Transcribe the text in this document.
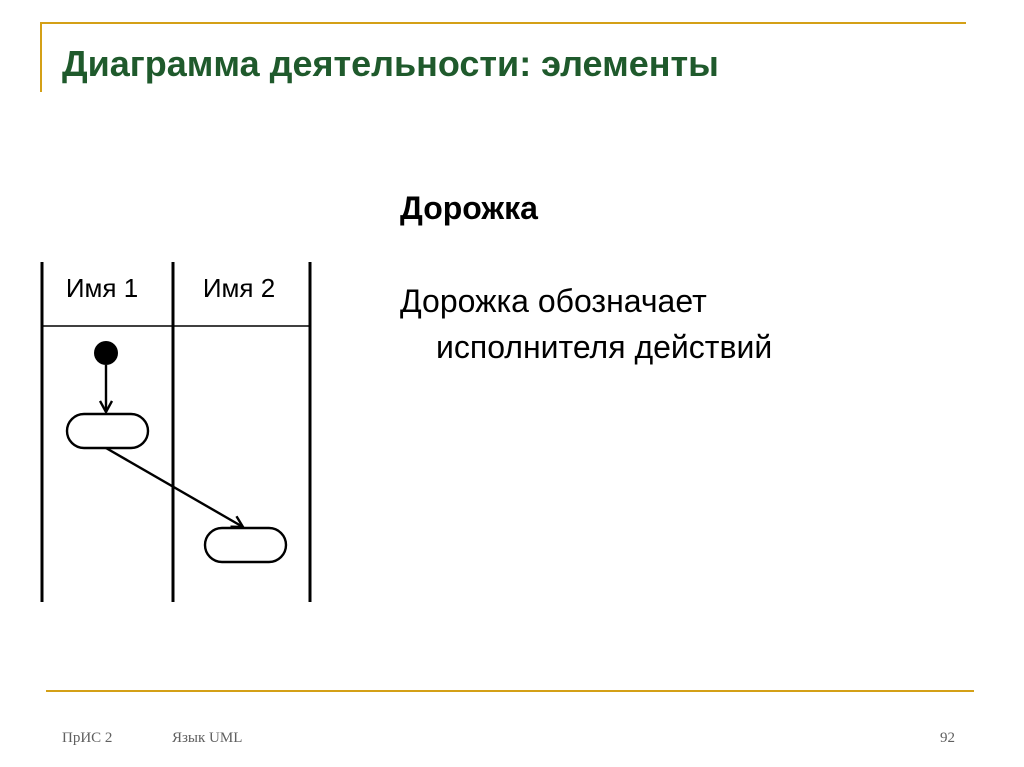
Диаграмма деятельности: элементы
Имя 1 Имя 2
Дорожка

Дорожка обозначает
исполнителя действий

ПрИС 2	Язык UML	92
